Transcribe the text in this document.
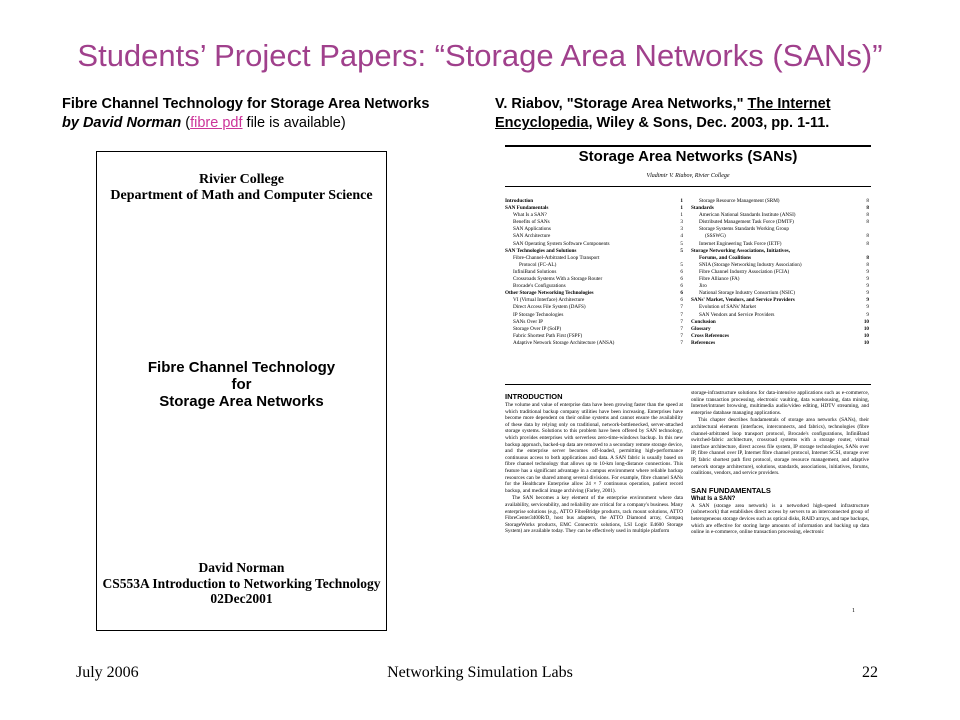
Students’ Project Papers: “Storage Area Networks (SANs)”
Fibre Channel Technology for Storage Area Networks
by David Norman (fibre pdf file is available)
V. Riabov, "Storage Area Networks," The Internet
Encyclopedia, Wiley & Sons, Dec. 2003, pp. 1-11.
Rivier College
Department of Math and Computer Science
Fibre Channel Technology
for
Storage Area Networks
David Norman
CS553A Introduction to Networking Technology
02Dec2001
Storage Area Networks (SANs)
Vladimir V. Riabov, Rivier College
Introduction	1
SAN Fundamentals	1
What Is a SAN?	1
Benefits of SANs	3
SAN Applications	3
SAN Architecture	4
SAN Operating System Software Components	5
SAN Technologies and Solutions	5
Fibre-Channel-Arbitrated Loop Transport
Protocol (FC-AL)	5
InfiniBand Solutions	6
Crossroads Systems With a Storage Router	6
Brocade's Configurations	6
Other Storage Networking Technologies	6
VI (Virtual Interface) Architecture	6
Direct Access File System (DAFS)	7
IP Storage Technologies	7
SANs Over IP	7
Storage Over IP (SoIP)	7
Fabric Shortest Path First (FSPF)	7
Adaptive Network Storage Architecture (ANSA)	7
Storage Resource Management (SRM)	8
Standards	8
American National Standards Institute (ANSI)	8
Distributed Management Task Force (DMTF)	8
Storage Systems Standards Working Group
(SSSWG)	8
Internet Engineering Task Force (IETF)	8
Storage Networking Associations, Initiatives,
Forums, and Coalitions	8
SNIA (Storage Networking Industry Association)	8
Fibre Channel Industry Association (FCIA)	9
Fibre Alliance (FA)	9
Jiro	9
National Storage Industry Consortium (NSIC)	9
SANs' Market, Vendors, and Service Providers	9
Evolution of SANs' Market	9
SAN Vendors and Service Providers	9
Conclusion	10
Glossary	10
Cross References	10
References	10
INTRODUCTION

The volume and value of enterprise data have been growing faster than the speed at which traditional backup company utilities have been increasing. Enterprises have become more dependent on their online systems and cannot ensure the availability of these data by relying only on traditional, network-bottlenecked, server-attached storage systems. Solutions to this problem have been offered by SAN technology, which provides enterprises with serverless zero-time-windows backup. In this new backup approach, backed-up data are removed to a secondary remote storage device, and the enterprise server becomes off-loaded, permitting high-performance continuous access to both applications and data. A SAN fabric is usually based on fibre channel technology that allows up to 10-km long-distance connections. This feature has a significant advantage in a campus environment where reliable backup resources can be shared among several divisions. For example, fibre channel SANs for the Healthcare Enterprise allow 24 × 7 continuous operation, patient record backup, and medical image archiving (Farley, 2001).

The SAN becomes a key element of the enterprise environment where data availability, serviceability, and reliability are critical for a company's business. Many enterprise solutions (e.g., ATTO FibreBridge products, rack mount solutions, ATTO FibreCenter3400R/D, host bus adapters, the ATTO Diamond array, Compaq StorageWorks products, EMC Connectrix solutions, LSI Logic E4600 Storage System) are available today. They can be effectively used in multiple platform

storage-infrastructure solutions for data-intensive applications such as e-commerce, online transaction processing, electronic vaulting, data warehousing, data mining, Internet/intranet browsing, multimedia audio/video editing, HDTV streaming, and enterprise database managing applications.

This chapter describes fundamentals of storage area networks (SANs), their architectural elements (interfaces, interconnects, and fabrics), technologies (fibre channel-arbitrated loop transport protocol, Brocade's configurations, InfiniBand switched-fabric architecture, crossroad systems with a storage router, virtual interface architecture, direct access file system, IP storage technologies, SANs over IP, fibre channel over IP, Internet fibre channel protocol, Internet SCSI, storage over IP, fabric shortest path first protocol, storage resource management, and adaptive network storage architecture), solutions, standards, associations, initiatives, forums, coalitions, vendors, and service providers.

SAN FUNDAMENTALS
What Is a SAN?

A SAN (storage area network) is a networked high-speed infrastructure (subnetwork) that establishes direct access by servers to an interconnected group of heterogeneous storage devices such as optical disks, RAID arrays, and tape backups, which are effective for storing large amounts of information and backing up data online in e-commerce, online transaction processing, electronic

1
July 2006	Networking Simulation Labs	22
